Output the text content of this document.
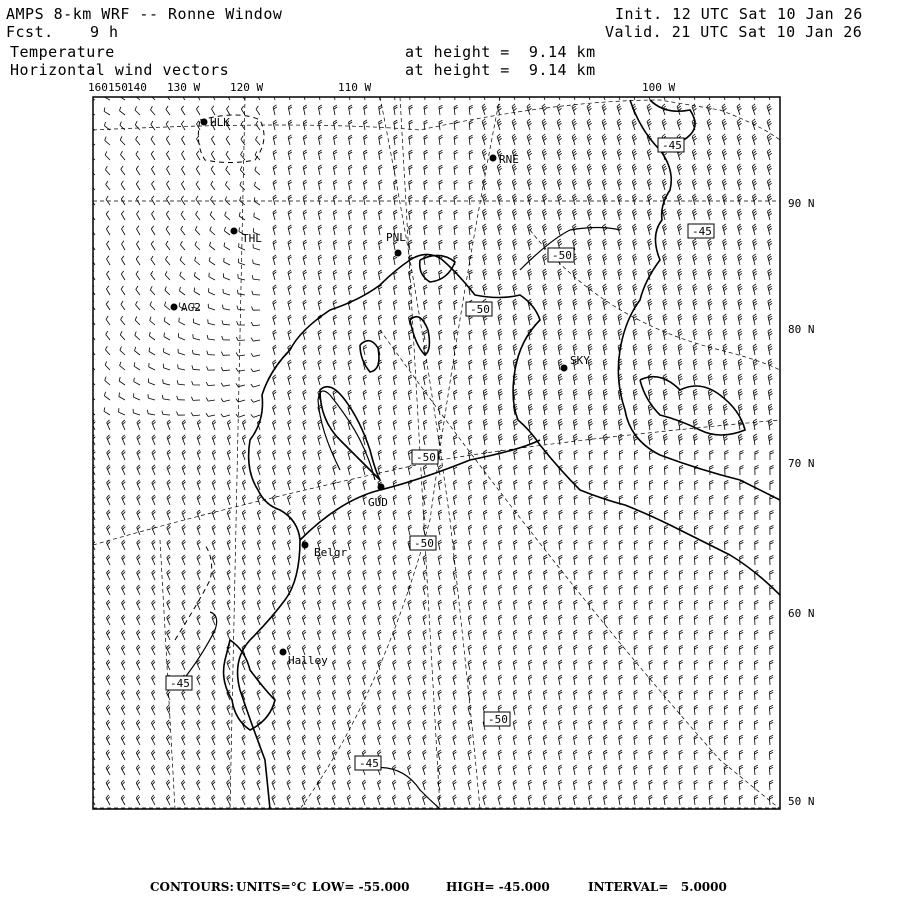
AMPS 8-km WRF -- Ronne Window
Fcst. 9 h
Init. 12 UTC Sat 10 Jan 26
Valid. 21 UTC Sat 10 Jan 26
Temperature
Horizontal wind vectors
at height =  9.14 km
at height =  9.14 km
160 150 140 130 W	120 W	110 W	100 W
90 N
80 N
70 N
60 N
50 N
HLK
RNE
THL	PNL
AG2
SKY
GUD
Belgr
Halley
-45
-45
-50
-50
-50
-50
-45
-50
-45
CONTOURS: UNITS=°C LOW= -55.000	HIGH= -45.000	INTERVAL=   5.0000
